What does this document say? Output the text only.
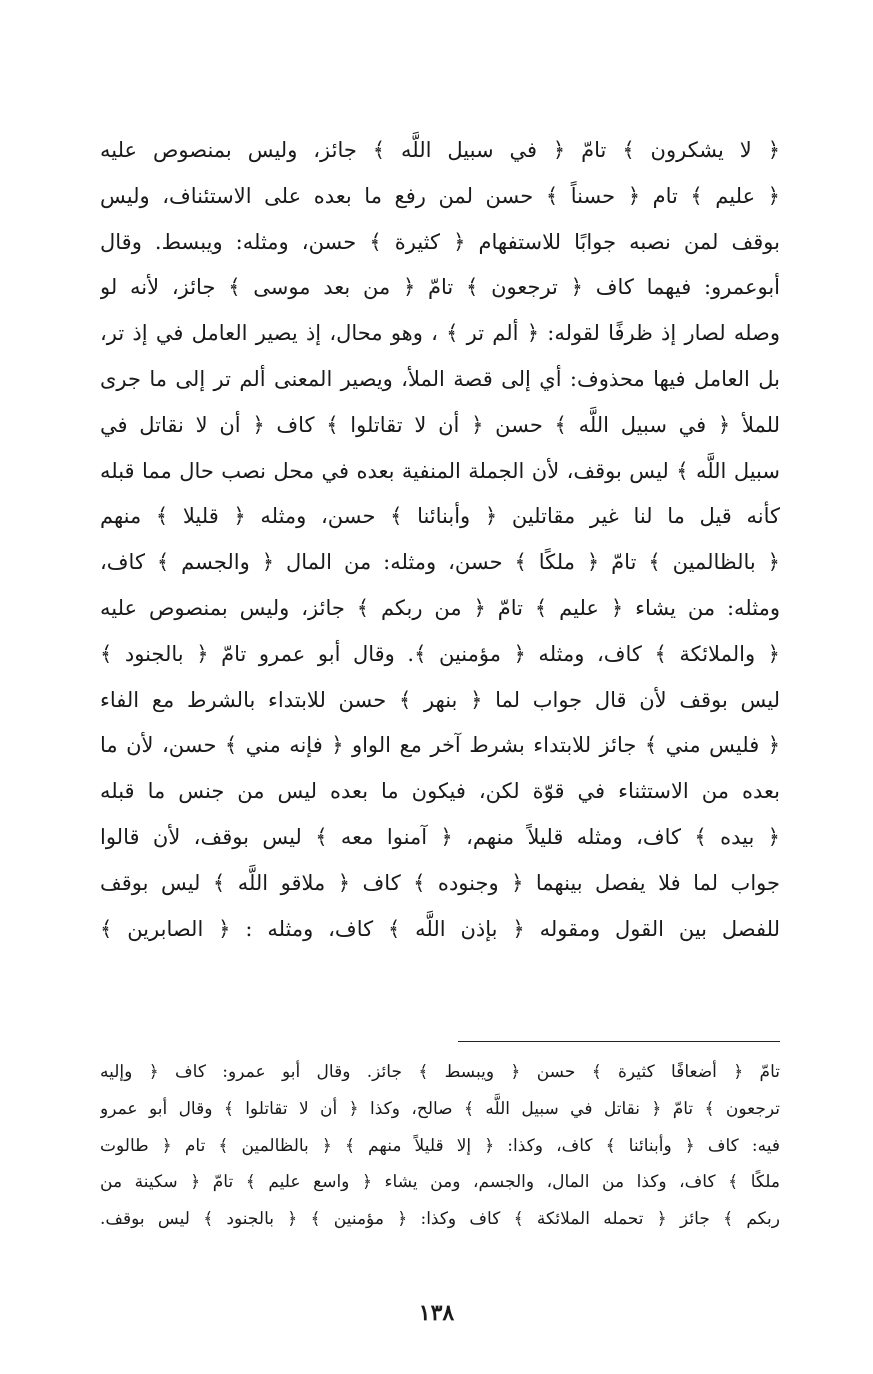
﴿ لا يشكرون ﴾ تامّ ﴿ في سبيل اللَّه ﴾ جائز، وليس بمنصوص عليه
﴿ عليم ﴾ تام ﴿ حسناً ﴾ حسن لمن رفع ما بعده على الاستئناف، وليس
بوقف لمن نصبه جوابًا للاستفهام ﴿ كثيرة ﴾ حسن، ومثله: ويبسط. وقال
أبوعمرو: فيهما كاف ﴿ ترجعون ﴾ تامّ ﴿ من بعد موسى ﴾ جائز، لأنه لو
وصله لصار إذ ظرفًا لقوله: ﴿ ألم تر ﴾ ، وهو محال، إذ يصير العامل في إذ تر،
بل العامل فيها محذوف: أي إلى قصة الملأ، ويصير المعنى ألم تر إلى ما جرى
للملأ ﴿ في سبيل اللَّه ﴾ حسن ﴿ أن لا تقاتلوا ﴾ كاف ﴿ أن لا نقاتل في
سبيل اللَّه ﴾ ليس بوقف، لأن الجملة المنفية بعده في محل نصب حال مما قبله
كأنه قيل ما لنا غير مقاتلين ﴿ وأبنائنا ﴾ حسن، ومثله ﴿ قليلا ﴾ منهم
﴿ بالظالمين ﴾ تامّ ﴿ ملكًا ﴾ حسن، ومثله: من المال ﴿ والجسم ﴾ كاف،
ومثله: من يشاء ﴿ عليم ﴾ تامّ ﴿ من ربكم ﴾ جائز، وليس بمنصوص عليه
﴿ والملائكة ﴾ كاف، ومثله ﴿ مؤمنين ﴾. وقال أبو عمرو تامّ ﴿ بالجنود ﴾
ليس بوقف لأن قال جواب لما ﴿ بنهر ﴾ حسن للابتداء بالشرط مع الفاء
﴿ فليس مني ﴾ جائز للابتداء بشرط آخر مع الواو ﴿ فإنه مني ﴾ حسن، لأن ما
بعده من الاستثناء في قوّة لكن، فيكون ما بعده ليس من جنس ما قبله
﴿ بيده ﴾ كاف، ومثله قليلاً منهم، ﴿ آمنوا معه ﴾ ليس بوقف، لأن قالوا
جواب لما فلا يفصل بينهما ﴿ وجنوده ﴾ كاف ﴿ ملاقو اللَّه ﴾ ليس بوقف
للفصل بين القول ومقوله ﴿ بإذن اللَّه ﴾ كاف، ومثله : ﴿ الصابرين ﴾
تامّ ﴿ أضعافًا كثيرة ﴾ حسن ﴿ ويبسط ﴾ جائز. وقال أبو عمرو: كاف ﴿ وإليه
ترجعون ﴾ تامّ ﴿ نقاتل في سبيل اللَّه ﴾ صالح، وكذا ﴿ أن لا تقاتلوا ﴾ وقال أبو عمرو
فيه: كاف ﴿ وأبنائنا ﴾ كاف، وكذا: ﴿ إلا قليلاً منهم ﴾ ﴿ بالظالمين ﴾ تام ﴿ طالوت
ملكًا ﴾ كاف، وكذا من المال، والجسم، ومن يشاء ﴿ واسع عليم ﴾ تامّ ﴿ سكينة من
ربكم ﴾ جائز ﴿ تحمله الملائكة ﴾ كاف وكذا: ﴿ مؤمنين ﴾ ﴿ بالجنود ﴾ ليس بوقف.
١٣٨
